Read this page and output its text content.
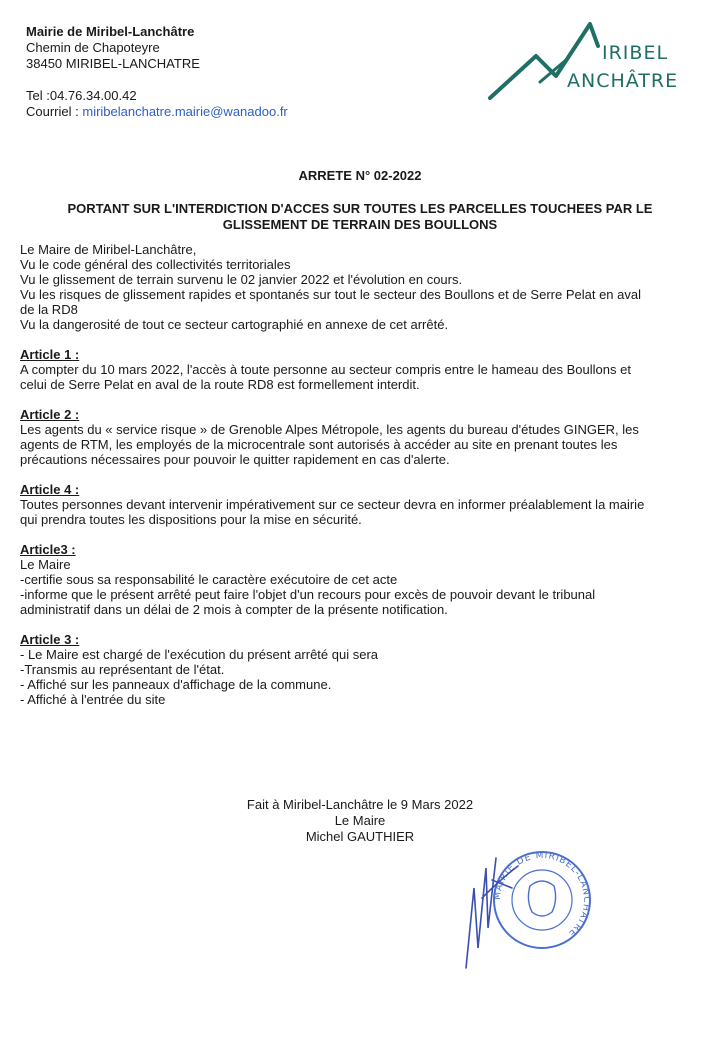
Mairie de Miribel-Lanchâtre
Chemin de Chapoteyre
38450 MIRIBEL-LANCHATRE
Tel :04.76.34.00.42
Courriel : miribelanchatre.mairie@wanadoo.fr
IRIBEL
ANCHÂTRE
ARRETE N° 02-2022
PORTANT SUR L'INTERDICTION D'ACCES SUR TOUTES LES PARCELLES TOUCHEES PAR LE
GLISSEMENT DE TERRAIN DES BOULLONS

Le Maire de Miribel-Lanchâtre,

Vu le code général des collectivités territoriales

Vu le glissement de terrain survenu le 02 janvier 2022 et l'évolution en cours.

Vu les risques de glissement rapides et spontanés sur tout le secteur des Boullons et de Serre Pelat en aval

de la RD8

Vu la dangerosité de tout ce secteur cartographié en annexe de cet arrêté.

Article 1 :

A compter du 10 mars 2022, l'accès à toute personne au secteur compris entre le hameau des Boullons et

celui de Serre Pelat en aval de la route RD8 est formellement interdit.

Article 2 :

Les agents du « service risque » de Grenoble Alpes Métropole, les agents du bureau d'études GINGER, les

agents de RTM, les employés de la microcentrale sont autorisés à accéder au site en prenant toutes les

précautions nécessaires pour pouvoir le quitter rapidement en cas d'alerte.

Article 4 :

Toutes personnes devant intervenir impérativement sur ce secteur devra en informer préalablement la mairie

qui prendra toutes les dispositions pour la mise en sécurité.

Article3 :

Le Maire

-certifie sous sa responsabilité le caractère exécutoire de cet acte

-informe que le présent arrêté peut faire l'objet d'un recours pour excès de pouvoir devant le tribunal

administratif dans un délai de 2 mois à compter de la présente notification.

Article 3 :

- Le Maire est chargé de l'exécution du présent arrêté qui sera

-Transmis au représentant de l'état.

- Affiché sur les panneaux d'affichage de la commune.

- Affiché à l'entrée du site

Fait à Miribel-Lanchâtre le 9 Mars 2022
Le Maire
Michel GAUTHIER
MAIRIE DE MIRIBEL-LANCHATRE
